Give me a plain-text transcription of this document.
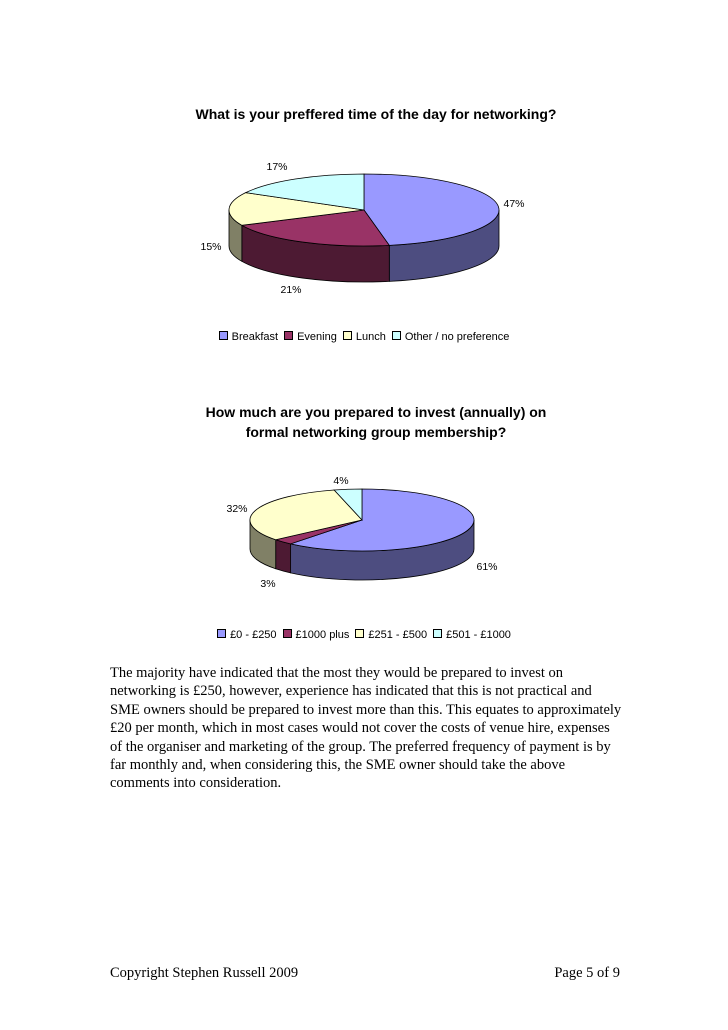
What is your preffered time of the day for networking?
47%
21%
15%
17%
Breakfast Evening Lunch Other / no preference
How much are you prepared to invest (annually) on
formal networking group membership?
61%
3%
32%
4%
£0 - £250 £1000 plus £251 - £500 £501 - £1000
The majority have indicated that the most they would be prepared to invest on networking is £250, however, experience has indicated that this is not practical and SME owners should be prepared to invest more than this. This equates to approximately £20 per month, which in most cases would not cover the costs of venue hire, expenses of the organiser and marketing of the group. The preferred frequency of payment is by far monthly and, when considering this, the SME owner should take the above comments into consideration.
Copyright Stephen Russell 2009	Page 5 of 9
